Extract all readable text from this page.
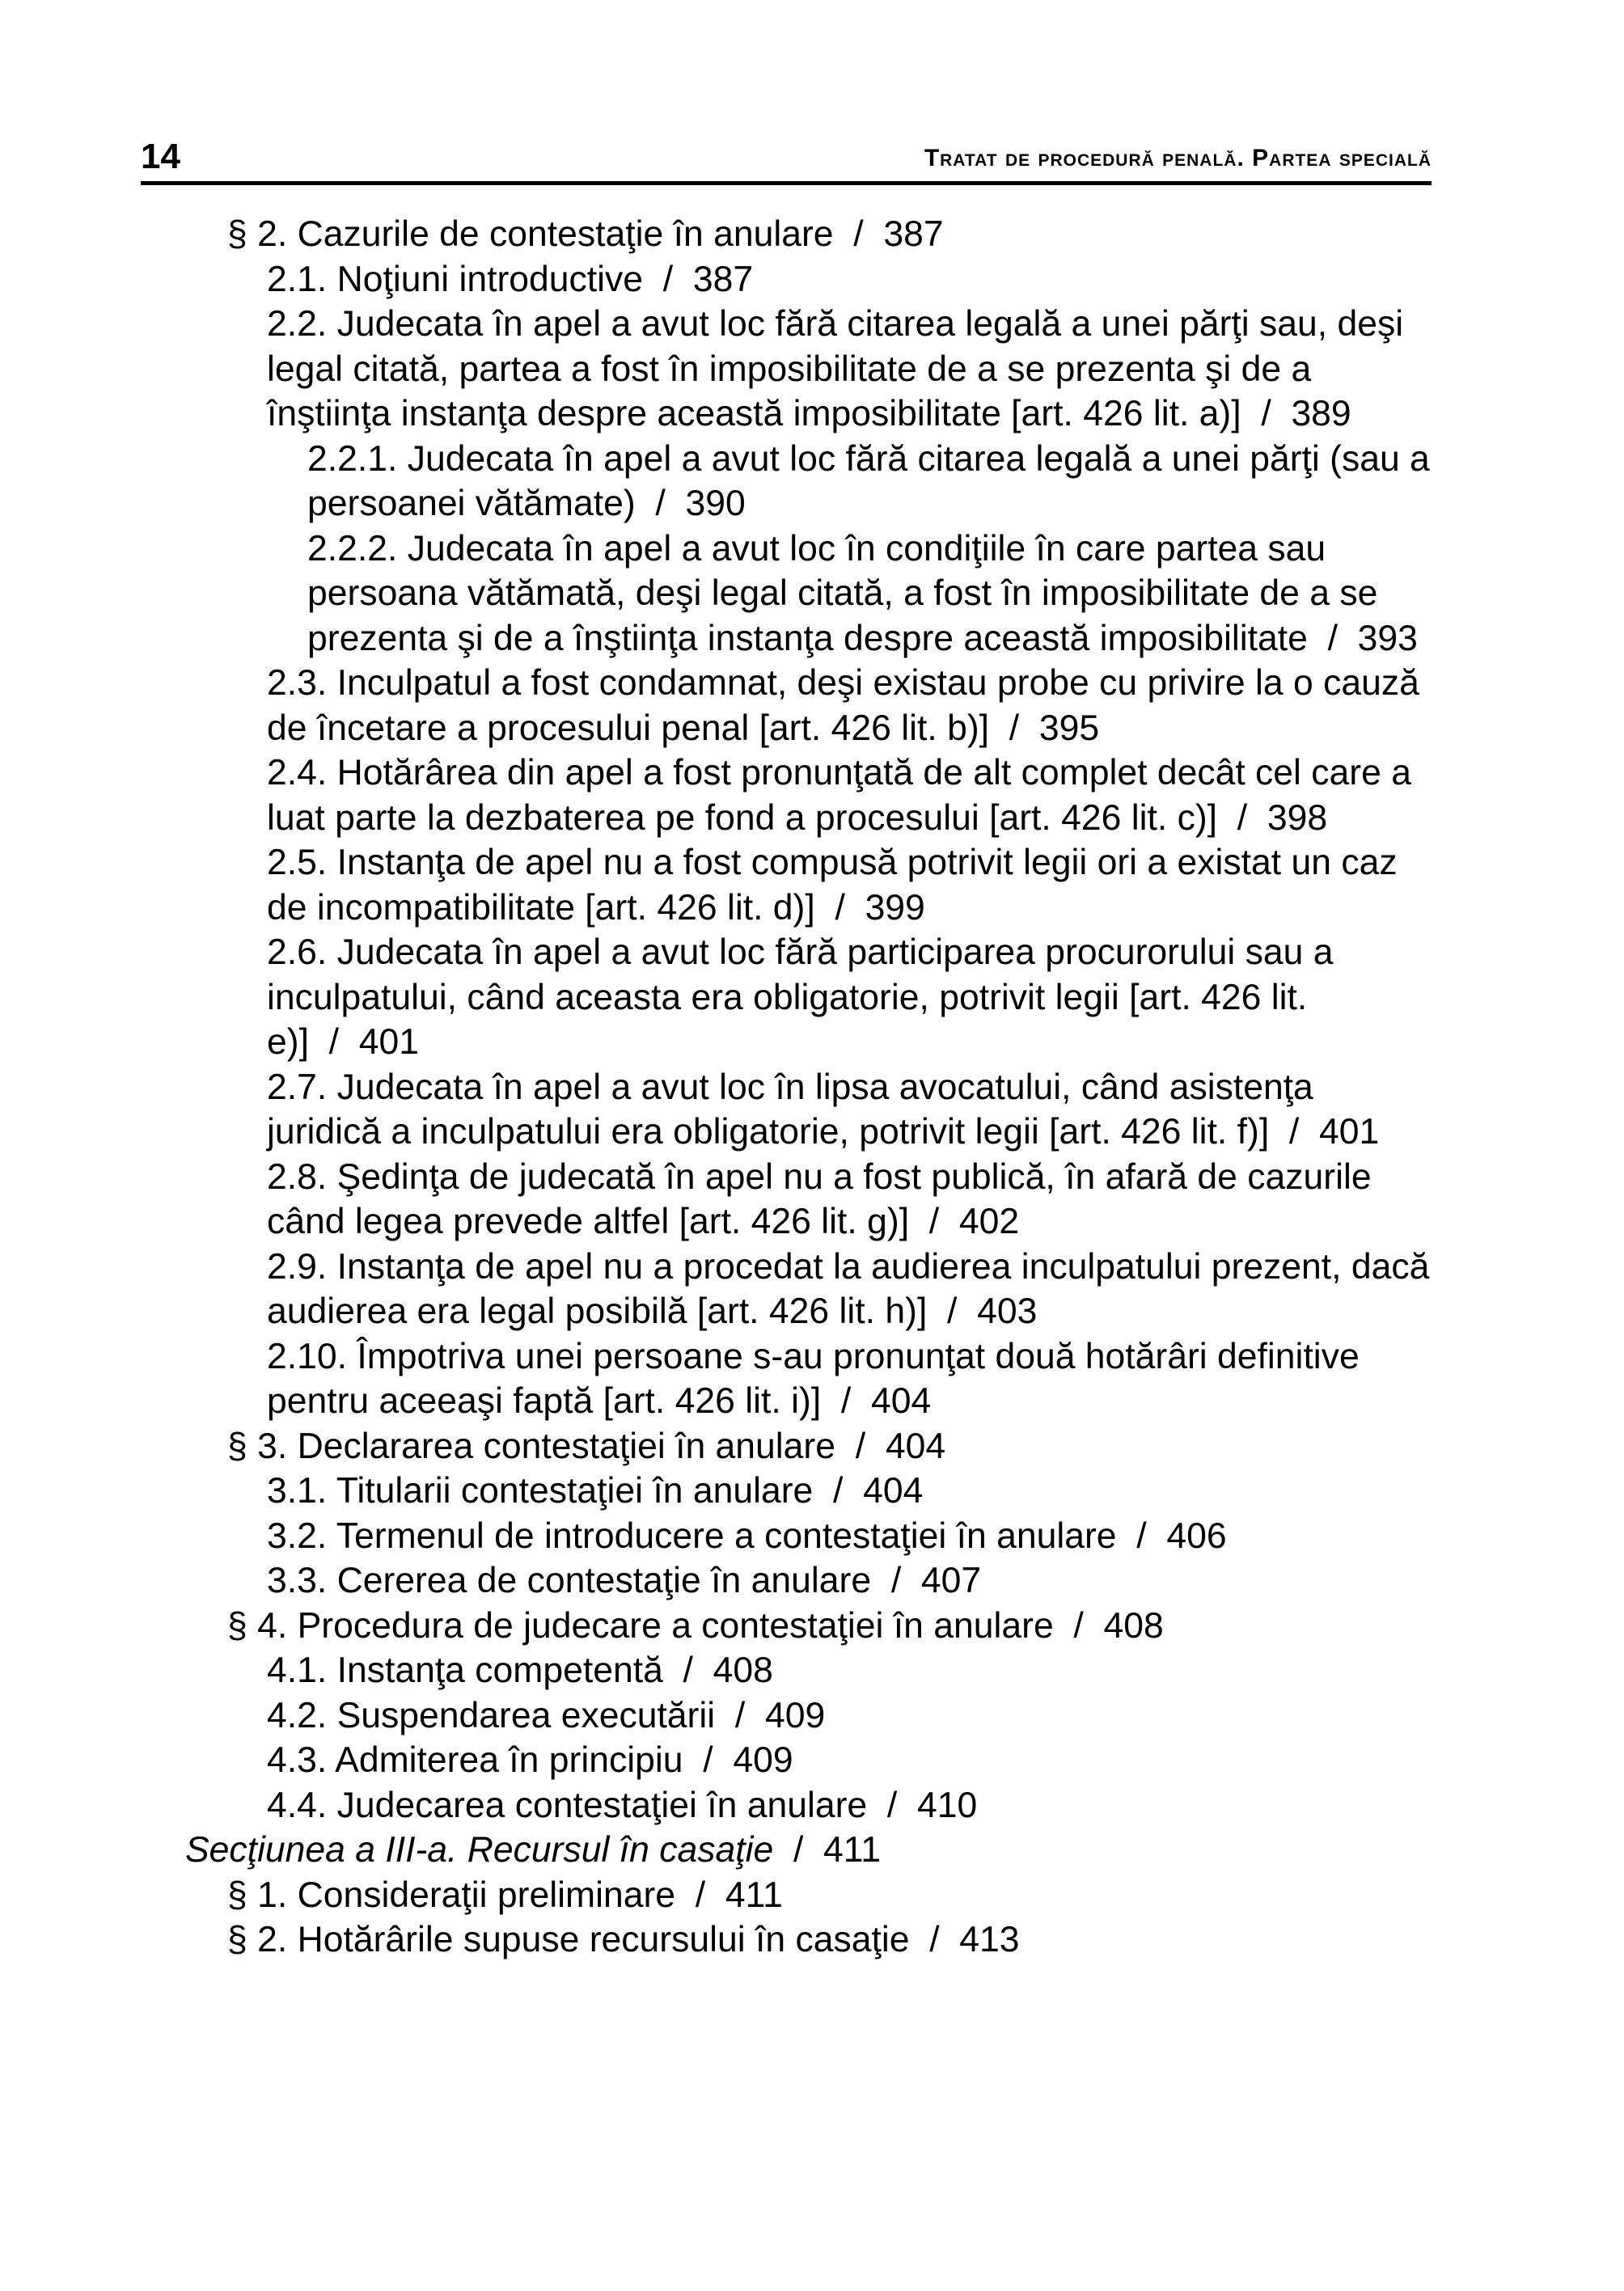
14	Tratat de procedură penală. Partea specială
§ 2. Cazurile de contestaţie în anulare  /  387
2.1. Noţiuni introductive  /  387
2.2. Judecata în apel a avut loc fără citarea legală a unei părţi sau, deşi legal citată, partea a fost în imposibilitate de a se prezenta şi de a înştiinţa instanţa despre această imposibilitate [art. 426 lit. a)]  /  389
2.2.1. Judecata în apel a avut loc fără citarea legală a unei părţi (sau a persoanei vătămate)  /  390
2.2.2. Judecata în apel a avut loc în condiţiile în care partea sau persoana vătămată, deşi legal citată, a fost în imposibilitate de a se prezenta şi de a înştiinţa instanţa despre această imposibilitate  /  393
2.3. Inculpatul a fost condamnat, deşi existau probe cu privire la o cauză de încetare a procesului penal [art. 426 lit. b)]  /  395
2.4. Hotărârea din apel a fost pronunţată de alt complet decât cel care a luat parte la dezbaterea pe fond a procesului [art. 426 lit. c)]  /  398
2.5. Instanţa de apel nu a fost compusă potrivit legii ori a existat un caz de incompatibilitate [art. 426 lit. d)]  /  399
2.6. Judecata în apel a avut loc fără participarea procurorului sau a inculpatului, când aceasta era obligatorie, potrivit legii [art. 426 lit. e)]  /  401
2.7. Judecata în apel a avut loc în lipsa avocatului, când asistenţa juridică a inculpatului era obligatorie, potrivit legii [art. 426 lit. f)]  /  401
2.8. Şedinţa de judecată în apel nu a fost publică, în afară de cazurile când legea prevede altfel [art. 426 lit. g)]  /  402
2.9. Instanţa de apel nu a procedat la audierea inculpatului prezent, dacă audierea era legal posibilă [art. 426 lit. h)]  /  403
2.10. Împotriva unei persoane s-au pronunţat două hotărâri definitive pentru aceeaşi faptă [art. 426 lit. i)]  /  404
§ 3. Declararea contestaţiei în anulare  /  404
3.1. Titularii contestaţiei în anulare  /  404
3.2. Termenul de introducere a contestaţiei în anulare  /  406
3.3. Cererea de contestaţie în anulare  /  407
§ 4. Procedura de judecare a contestaţiei în anulare  /  408
4.1. Instanţa competentă  /  408
4.2. Suspendarea executării  /  409
4.3. Admiterea în principiu  /  409
4.4. Judecarea contestaţiei în anulare  /  410
Secţiunea a III-a. Recursul în casaţie  /  411
§ 1. Consideraţii preliminare  /  411
§ 2. Hotărârile supuse recursului în casaţie  /  413
